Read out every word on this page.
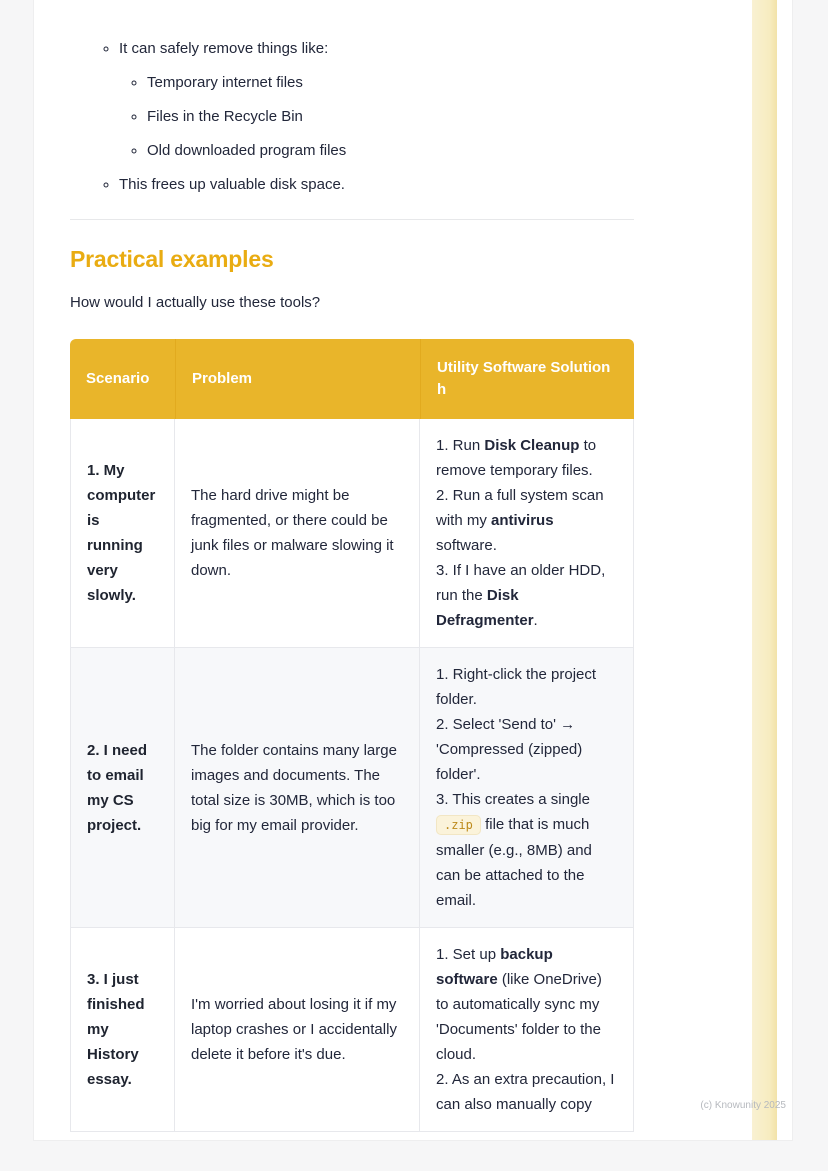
◦ It can safely remove things like:
◦ Temporary internet files
◦ Files in the Recycle Bin
◦ Old downloaded program files
◦ This frees up valuable disk space.
Practical examples

How would I actually use these tools?

Scenario	Problem	Utility Software Solution h
1. My computer is running very slowly.	The hard drive might be fragmented, or there could be junk files or malware slowing it down.	1. Run Disk Cleanup to remove temporary files.
2. Run a full system scan with my antivirus software.
3. If I have an older HDD, run the Disk Defragmenter.

2. I need to email my CS project.	The folder contains many large images and documents. The total size is 30MB, which is too big for my email provider.	1. Right-click the project folder.
2. Select 'Send to' → 'Compressed (zipped) folder'.
3. This creates a single .zip file that is much smaller (e.g., 8MB) and can be attached to the email.

3. I just finished my History essay.	I'm worried about losing it if my laptop crashes or I accidentally delete it before it's due.	1. Set up backup software (like OneDrive) to automatically sync my 'Documents' folder to the cloud.
2. As an extra precaution, I can also manually copy	(c) Knowunity 2025
